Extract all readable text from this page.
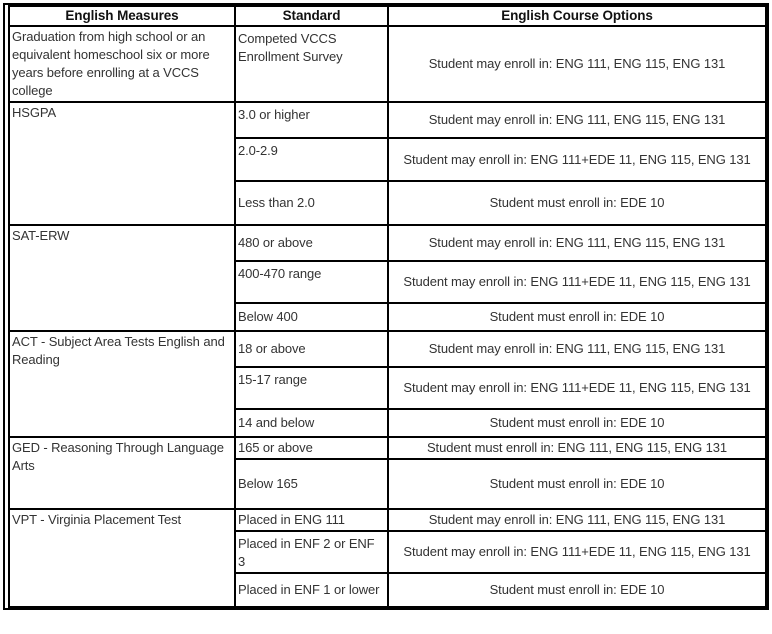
English Measures	Standard	English Course Options
Graduation from high school or an equivalent homeschool six or more years before enrolling at a VCCS college	Competed VCCS Enrollment Survey	Student may enroll in: ENG 111, ENG 115, ENG 131
HSGPA	3.0 or higher	Student may enroll in: ENG 111, ENG 115, ENG 131
	2.0-2.9	Student may enroll in: ENG 111+EDE 11, ENG 115, ENG 131
	Less than 2.0	Student must enroll in: EDE 10
SAT-ERW	480 or above	Student may enroll in: ENG 111, ENG 115, ENG 131
	400-470 range	Student may enroll in: ENG 111+EDE 11, ENG 115, ENG 131
	Below 400	Student must enroll in: EDE 10
ACT - Subject Area Tests English and Reading	18 or above	Student may enroll in: ENG 111, ENG 115, ENG 131
	15-17 range	Student may enroll in: ENG 111+EDE 11, ENG 115, ENG 131
	14 and below	Student must enroll in: EDE 10
GED - Reasoning Through Language Arts	165 or above	Student must enroll in: ENG 111, ENG 115, ENG 131
	Below 165	Student must enroll in: EDE 10
VPT - Virginia Placement Test	Placed in ENG 111	Student may enroll in: ENG 111, ENG 115, ENG 131
	Placed in ENF 2 or ENF 3	Student may enroll in: ENG 111+EDE 11, ENG 115, ENG 131
	Placed in ENF 1 or lower	Student must enroll in: EDE 10
